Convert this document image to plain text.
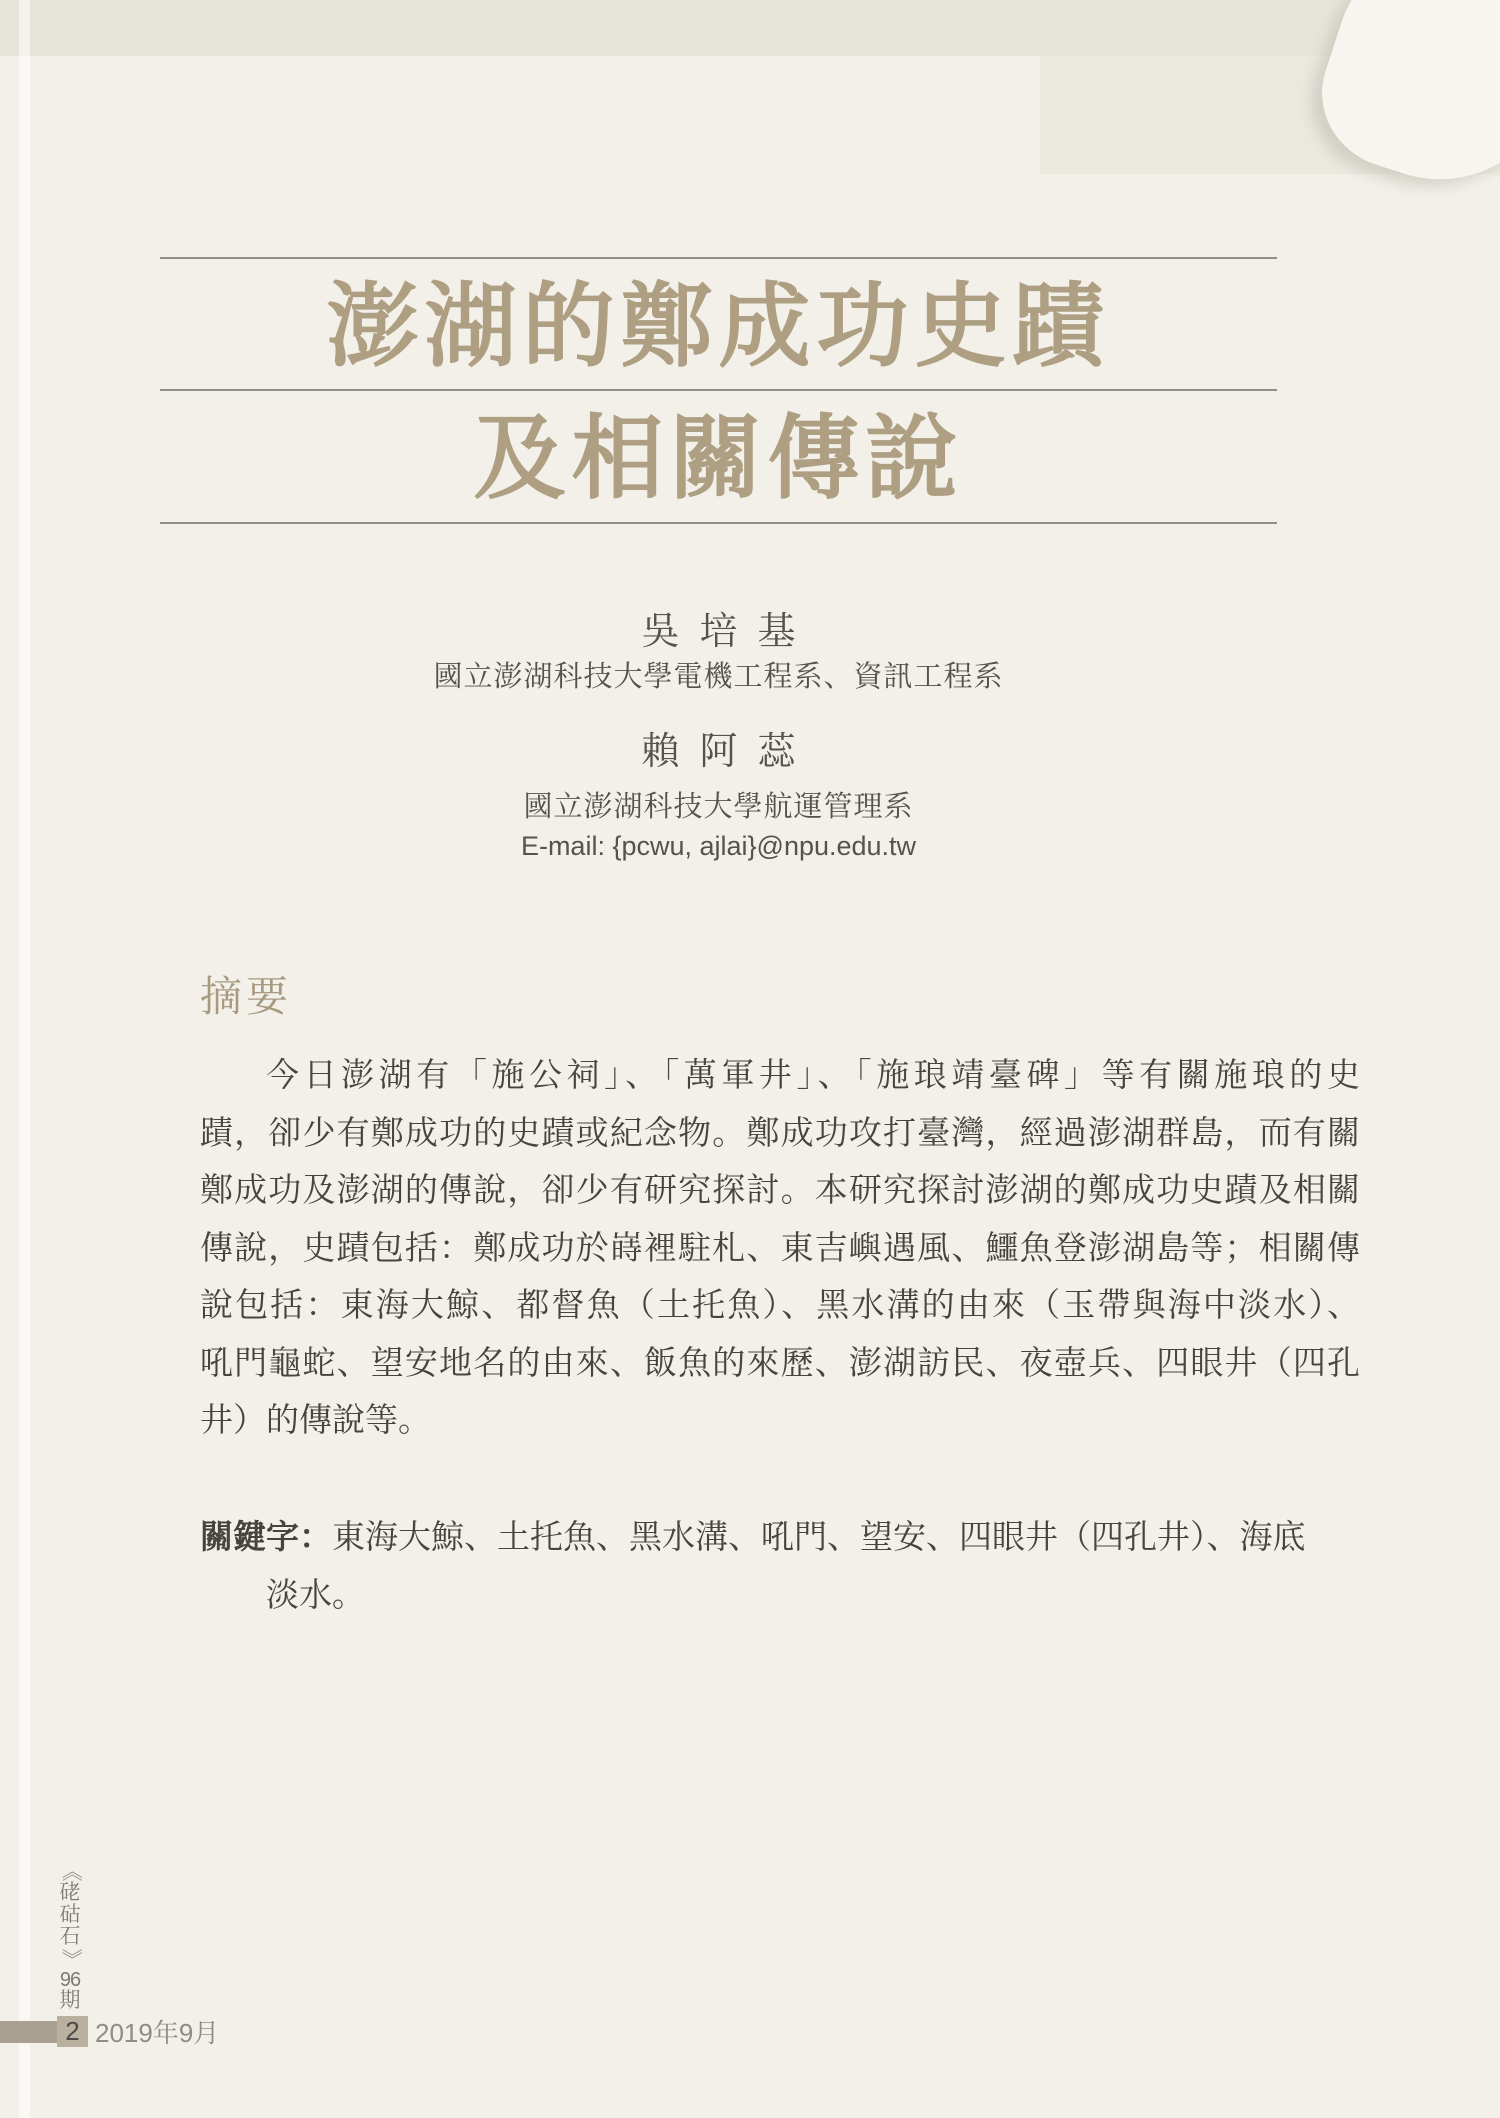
澎湖的鄭成功史蹟
及相關傳說
吳培基
國立澎湖科技大學電機工程系、資訊工程系
賴阿蕊
國立澎湖科技大學航運管理系
E-mail: {pcwu, ajlai}@npu.edu.tw
摘要
今日澎湖有「施公祠」、「萬軍井」、「施琅靖臺碑」等有關施琅的史
蹟，卻少有鄭成功的史蹟或紀念物。鄭成功攻打臺灣，經過澎湖群島，而有關
鄭成功及澎湖的傳說，卻少有研究探討。本研究探討澎湖的鄭成功史蹟及相關
傳說，史蹟包括：鄭成功於嵵裡駐札、東吉嶼遇風、鱷魚登澎湖島等；相關傳
說包括：東海大鯨、都督魚（土托魚）、黑水溝的由來（玉帶與海中淡水）、
吼門龜蛇、望安地名的由來、飯魚的來歷、澎湖訪民、夜壺兵、四眼井（四孔
井）的傳說等。
關鍵字：東海大鯨、土托魚、黑水溝、吼門、望安、四眼井（四孔井）、海底
淡水。
《
硓
𥑮
石
》
96
期
2 2019年9月
